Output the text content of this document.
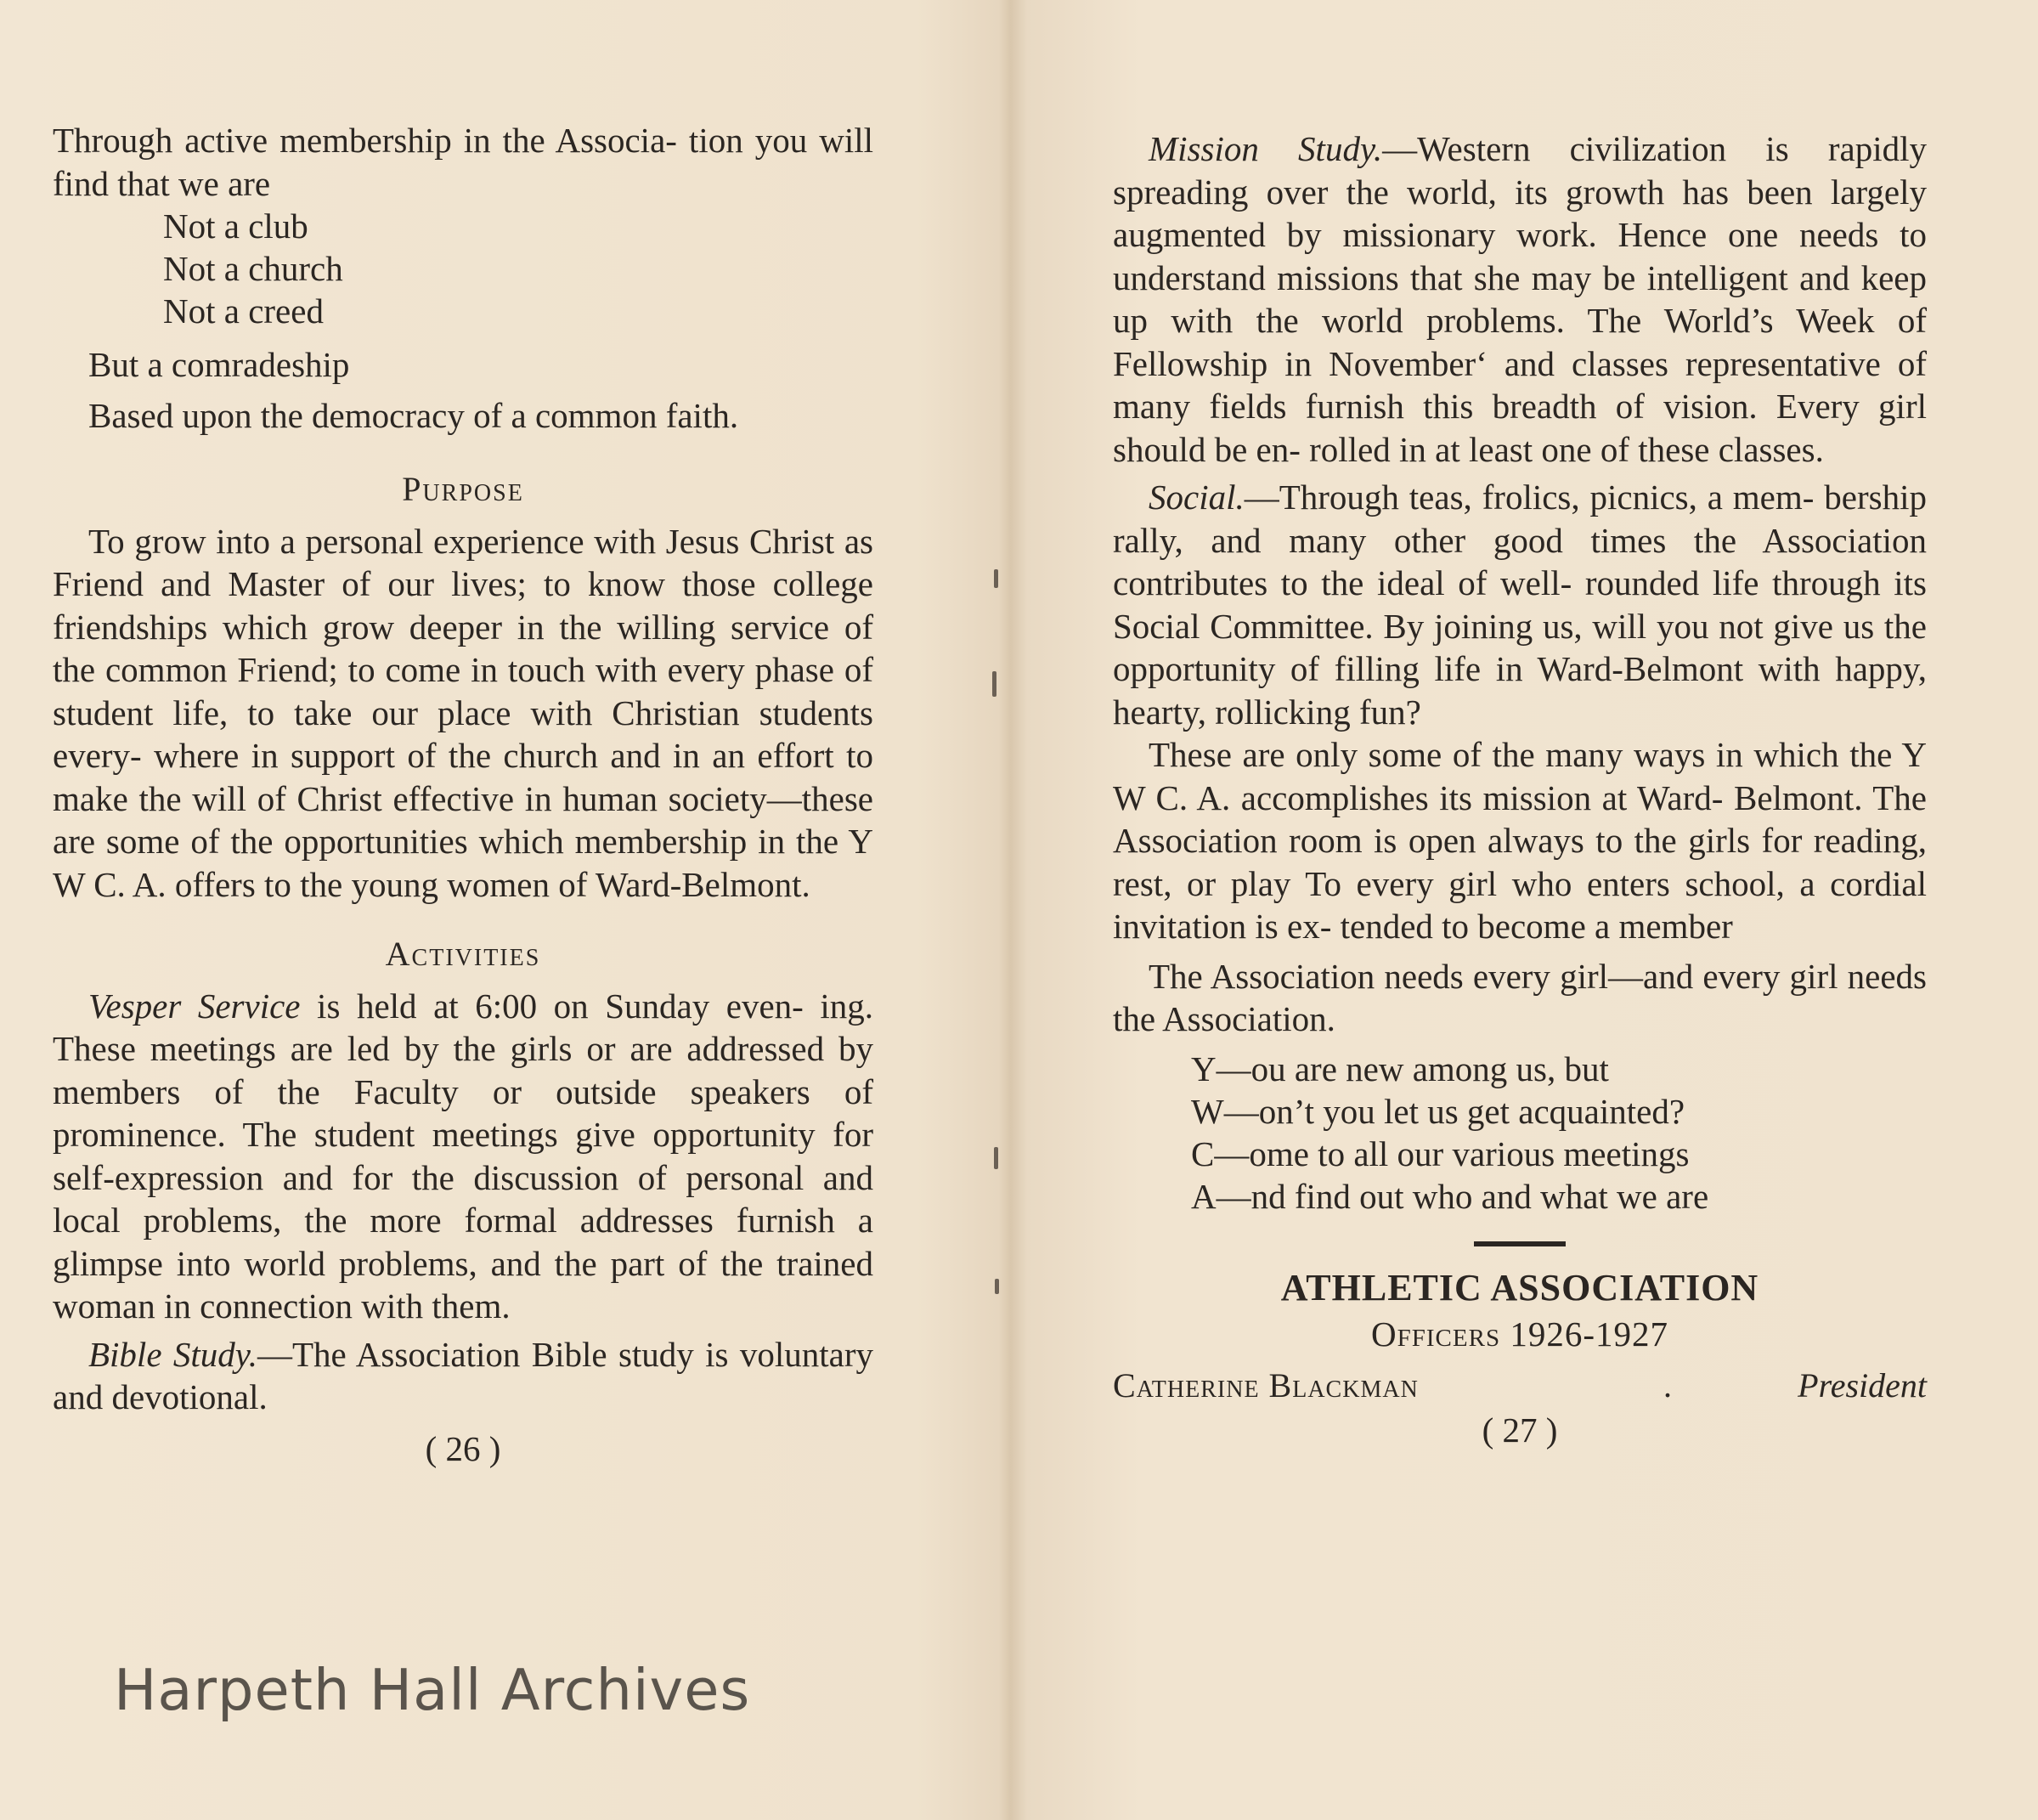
Through active membership in the Associa- tion you will find that we are

Not a club
Not a church
Not a creed
But a comradeship
Based upon the democracy of a common faith.
Purpose

To grow into a personal experience with Jesus Christ as Friend and Master of our lives; to know those college friendships which grow deeper in the willing service of the common Friend; to come in touch with every phase of student life, to take our place with Christian students every- where in support of the church and in an effort to make the will of Christ effective in human society—these are some of the opportunities which membership in the Y W C. A. offers to the young women of Ward-Belmont.

Activities

Vesper Service is held at 6:00 on Sunday even- ing. These meetings are led by the girls or are addressed by members of the Faculty or outside speakers of prominence. The student meetings give opportunity for self-expression and for the discussion of personal and local problems, the more formal addresses furnish a glimpse into world problems, and the part of the trained woman in connection with them.

Bible Study.—The Association Bible study is voluntary and devotional.

( 26 )
Harpeth Hall Archives

Mission Study.—Western civilization is rapidly spreading over the world, its growth has been largely augmented by missionary work. Hence one needs to understand missions that she may be intelligent and keep up with the world problems. The World’s Week of Fellowship in November‘ and classes representative of many fields furnish this breadth of vision. Every girl should be en- rolled in at least one of these classes.

Social.—Through teas, frolics, picnics, a mem- bership rally, and many other good times the Association contributes to the ideal of well- rounded life through its Social Committee. By joining us, will you not give us the opportunity of filling life in Ward-Belmont with happy, hearty, rollicking fun?

These are only some of the many ways in which the Y W C. A. accomplishes its mission at Ward- Belmont. The Association room is open always to the girls for reading, rest, or play To every girl who enters school, a cordial invitation is ex- tended to become a member

The Association needs every girl—and every girl needs the Association.

Y—ou are new among us, but
W—on’t you let us get acquainted?
C—ome to all our various meetings
A—nd find out who and what we are
ATHLETIC ASSOCIATION
Officers 1926-1927
Catherine Blackman	.	President
( 27 )
